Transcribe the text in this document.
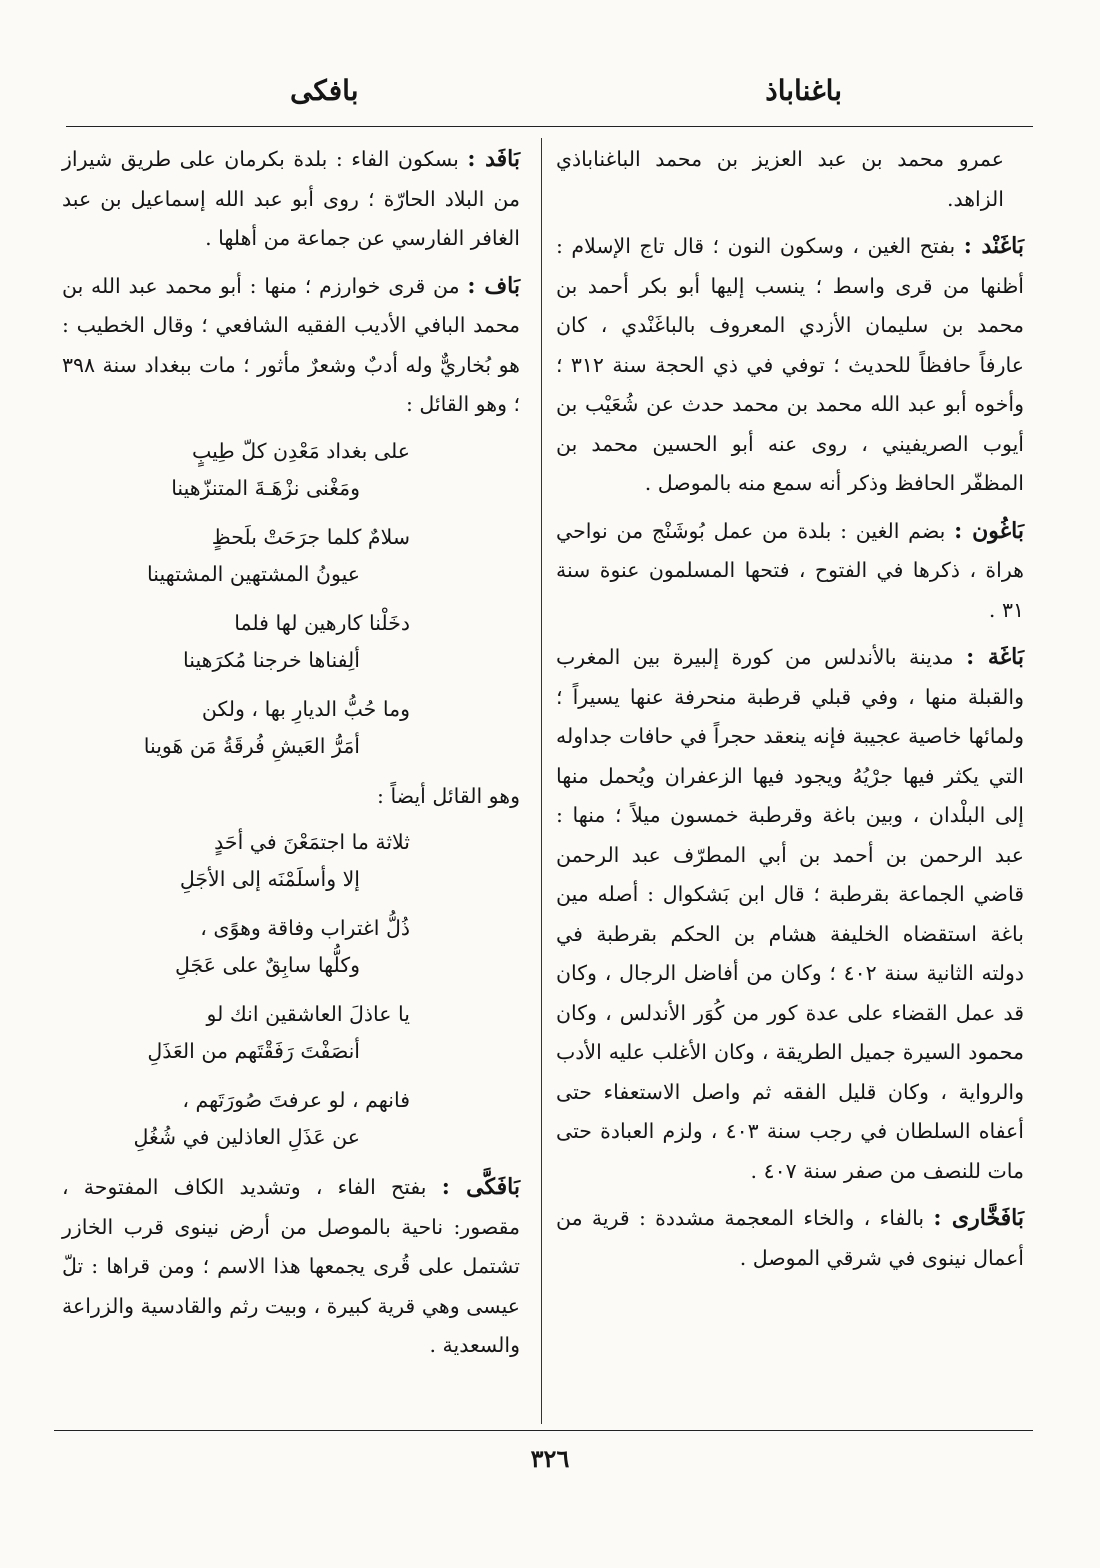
باغناباذ
بافكى

عمرو محمد بن عبد العزيز بن محمد الباغناباذي الزاهد.

بَاغَنْد : بفتح الغين ، وسكون النون ؛ قال تاج الإسلام : أظنها من قرى واسط ؛ ينسب إليها أبو بكر أحمد بن محمد بن سليمان الأزدي المعروف بالباغَنْدي ، كان عارفاً حافظاً للحديث ؛ توفي في ذي الحجة سنة ٣١٢ ؛ وأخوه أبو عبد الله محمد بن محمد حدث عن شُعَيْب بن أيوب الصريفيني ، روى عنه أبو الحسين محمد بن المظفّر الحافظ وذكر أنه سمع منه بالموصل .

بَاغُون : بضم الغين : بلدة من عمل بُوشَنْج من نواحي هراة ، ذكرها في الفتوح ، فتحها المسلمون عنوة سنة ٣١ .

بَاغَة : مدينة بالأندلس من كورة إلبيرة بين المغرب والقبلة منها ، وفي قبلي قرطبة منحرفة عنها يسيراً ؛ ولمائها خاصية عجيبة فإنه ينعقد حجراً في حافات جداوله التي يكثر فيها جرْيُهُ ويجود فيها الزعفران ويُحمل منها إلى البلْدان ، وبين باغة وقرطبة خمسون ميلاً ؛ منها : عبد الرحمن بن أحمد بن أبي المطرّف عبد الرحمن قاضي الجماعة بقرطبة ؛ قال ابن بَشكوال : أصله مين باغة استقضاه الخليفة هشام بن الحكم بقرطبة في دولته الثانية سنة ٤٠٢ ؛ وكان من أفاضل الرجال ، وكان قد عمل القضاء على عدة كور من كُوَر الأندلس ، وكان محمود السيرة جميل الطريقة ، وكان الأغلب عليه الأدب والرواية ، وكان قليل الفقه ثم واصل الاستعفاء حتى أعفاه السلطان في رجب سنة ٤٠٣ ، ولزم العبادة حتى مات للنصف من صفر سنة ٤٠٧ .

بَافَخَّارى : بالفاء ، والخاء المعجمة مشددة : قرية من أعمال نينوى في شرقي الموصل .

بَافَد : بسكون الفاء : بلدة بكرمان على طريق شيراز من البلاد الحارّة ؛ روى أبو عبد الله إسماعيل بن عبد الغافر الفارسي عن جماعة من أهلها .

بَاف : من قرى خوارزم ؛ منها : أبو محمد عبد الله بن محمد البافي الأديب الفقيه الشافعي ؛ وقال الخطيب : هو بُخاريٌّ وله أدبٌ وشعرٌ مأثور ؛ مات ببغداد سنة ٣٩٨ ؛ وهو القائل :

على بغداد مَعْدِن كلّ طِيبٍ
ومَغْنى نزْهَـةَ المتنزّهينا
سلامٌ كلما جرَحَتْ بلَحظٍ
عيونُ المشتهين المشتهينا
دخَلْنا كارهين لها فلما
ألِفناها خرجنا مُكرَهينا
وما حُبُّ الديارِ بها ، ولكن
أمَرُّ العَيشِ فُرقَةُ مَن هَوينا

وهو القائل أيضاً :

ثلاثة ما اجتمَعْنَ في أحَدٍ
إلا وأسلَمْنَه إلى الأجَلِ
ذُلُّ اغتراب وفاقة وهوًى ،
وكلُّها سابِقٌ على عَجَلِ
يا عاذلَ العاشقين انك لو
أنصَفْتَ رَفَقْتَهم من العَذَلِ
فانهم ، لو عرفتَ صُورَتَهم ،
عن عَذَلِ العاذلين في شُغُلِ

بَافَكَّى : بفتح الفاء ، وتشديد الكاف المفتوحة ، مقصور: ناحية بالموصل من أرض نينوى قرب الخازر تشتمل على قُرى يجمعها هذا الاسم ؛ ومن قراها : تلّ عيسى وهي قرية كبيرة ، وبيت رثم والقادسية والزراعة والسعدية .

٣٢٦
